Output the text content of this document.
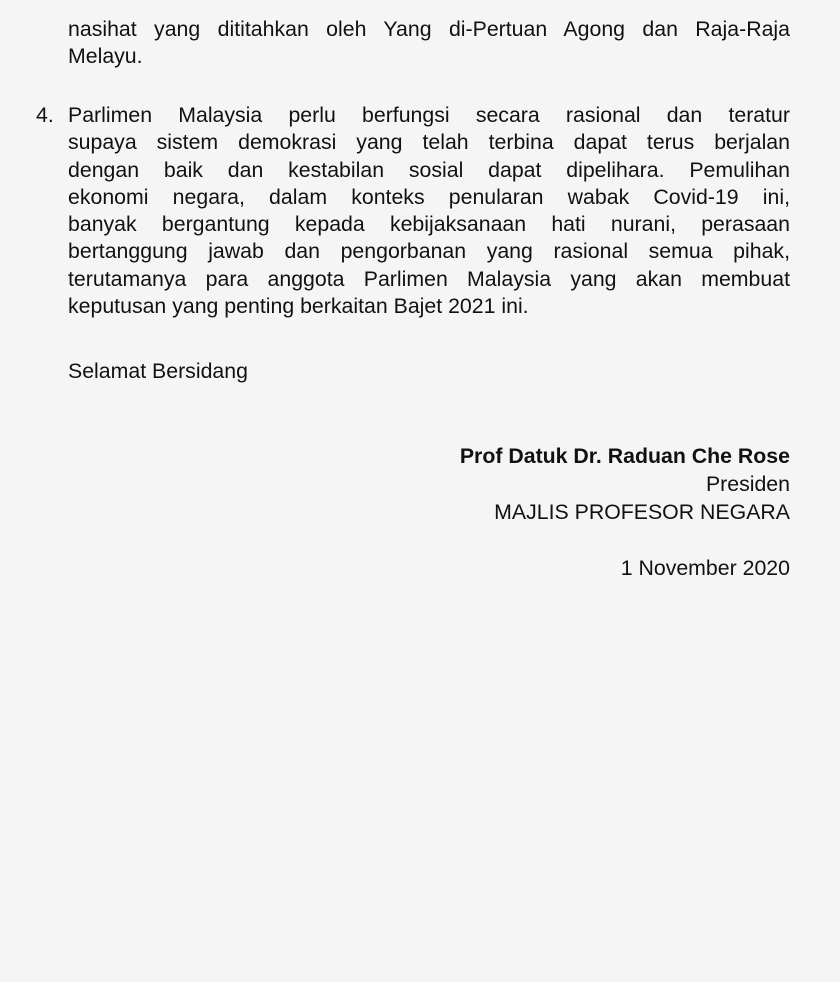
nasihat yang dititahkan oleh Yang di-Pertuan Agong dan Raja-Raja
Melayu.
4. Parlimen Malaysia perlu berfungsi secara rasional dan teratur
supaya sistem demokrasi yang telah terbina dapat terus berjalan
dengan baik dan kestabilan sosial dapat dipelihara. Pemulihan
ekonomi negara, dalam konteks penularan wabak Covid-19 ini,
banyak bergantung kepada kebijaksanaan hati nurani, perasaan
bertanggung jawab dan pengorbanan yang rasional semua pihak,
terutamanya para anggota Parlimen Malaysia yang akan membuat
keputusan yang penting berkaitan Bajet 2021 ini.
Selamat Bersidang
Prof Datuk Dr. Raduan Che Rose
Presiden
MAJLIS PROFESOR NEGARA
1 November 2020
